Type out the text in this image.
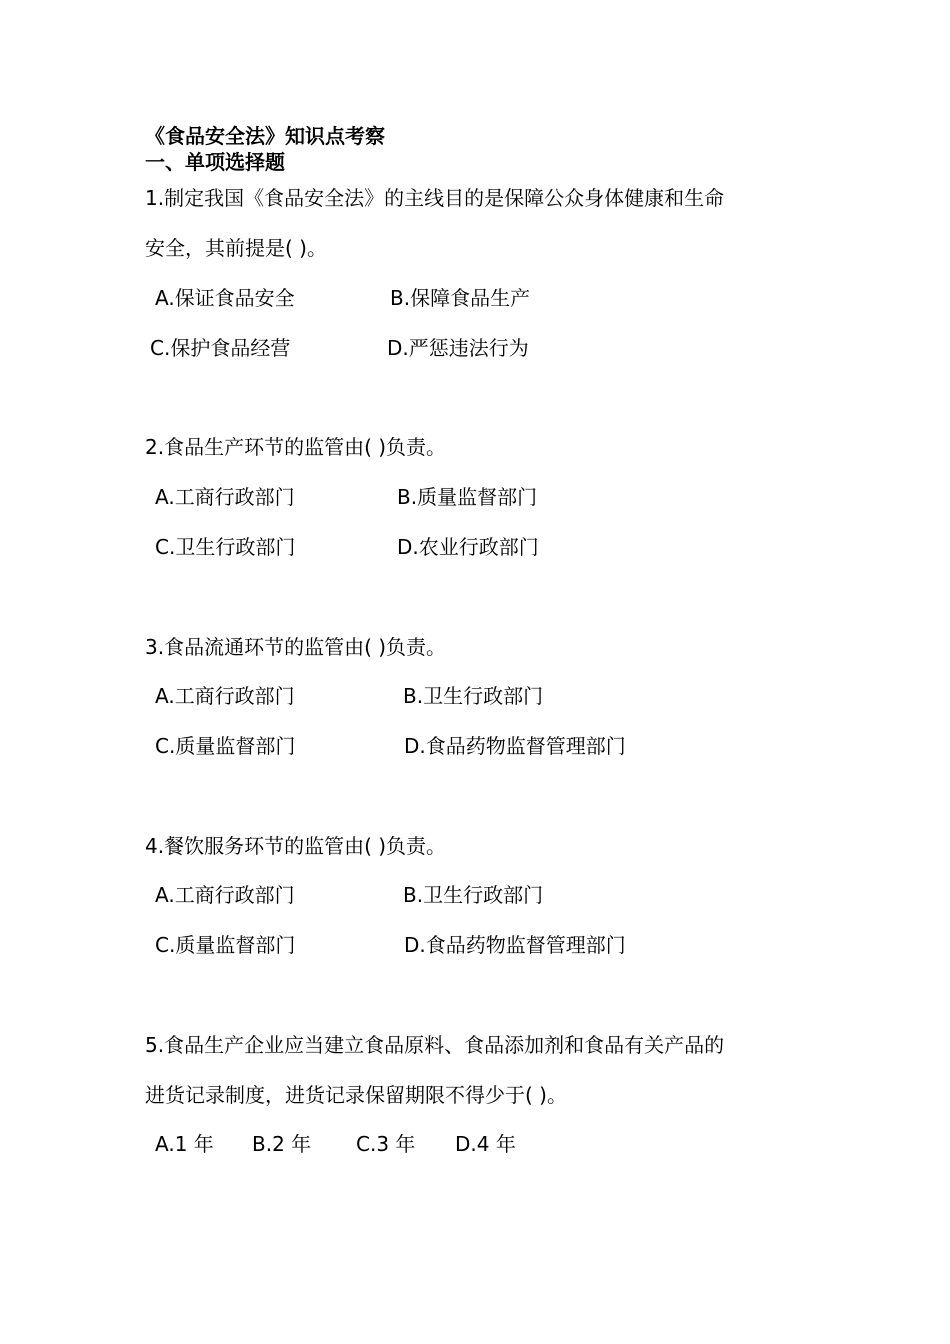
《食品安全法》知识点考察
一、单项选择题
1.制定我国《食品安全法》的主线目的是保障公众身体健康和生命
安全，其前提是( )。
A.保证食品安全	B.保障食品生产
C.保护食品经营	D.严惩违法行为
2.食品生产环节的监管由( )负责。
A.工商行政部门	B.质量监督部门
C.卫生行政部门	D.农业行政部门
3.食品流通环节的监管由( )负责。
A.工商行政部门	B.卫生行政部门
C.质量监督部门	D.食品药物监督管理部门
4.餐饮服务环节的监管由( )负责。
A.工商行政部门	B.卫生行政部门
C.质量监督部门	D.食品药物监督管理部门
5.食品生产企业应当建立食品原料、食品添加剂和食品有关产品的
进货记录制度，进货记录保留期限不得少于( )。
A.1 年 B.2 年 C.3 年 D.4 年
